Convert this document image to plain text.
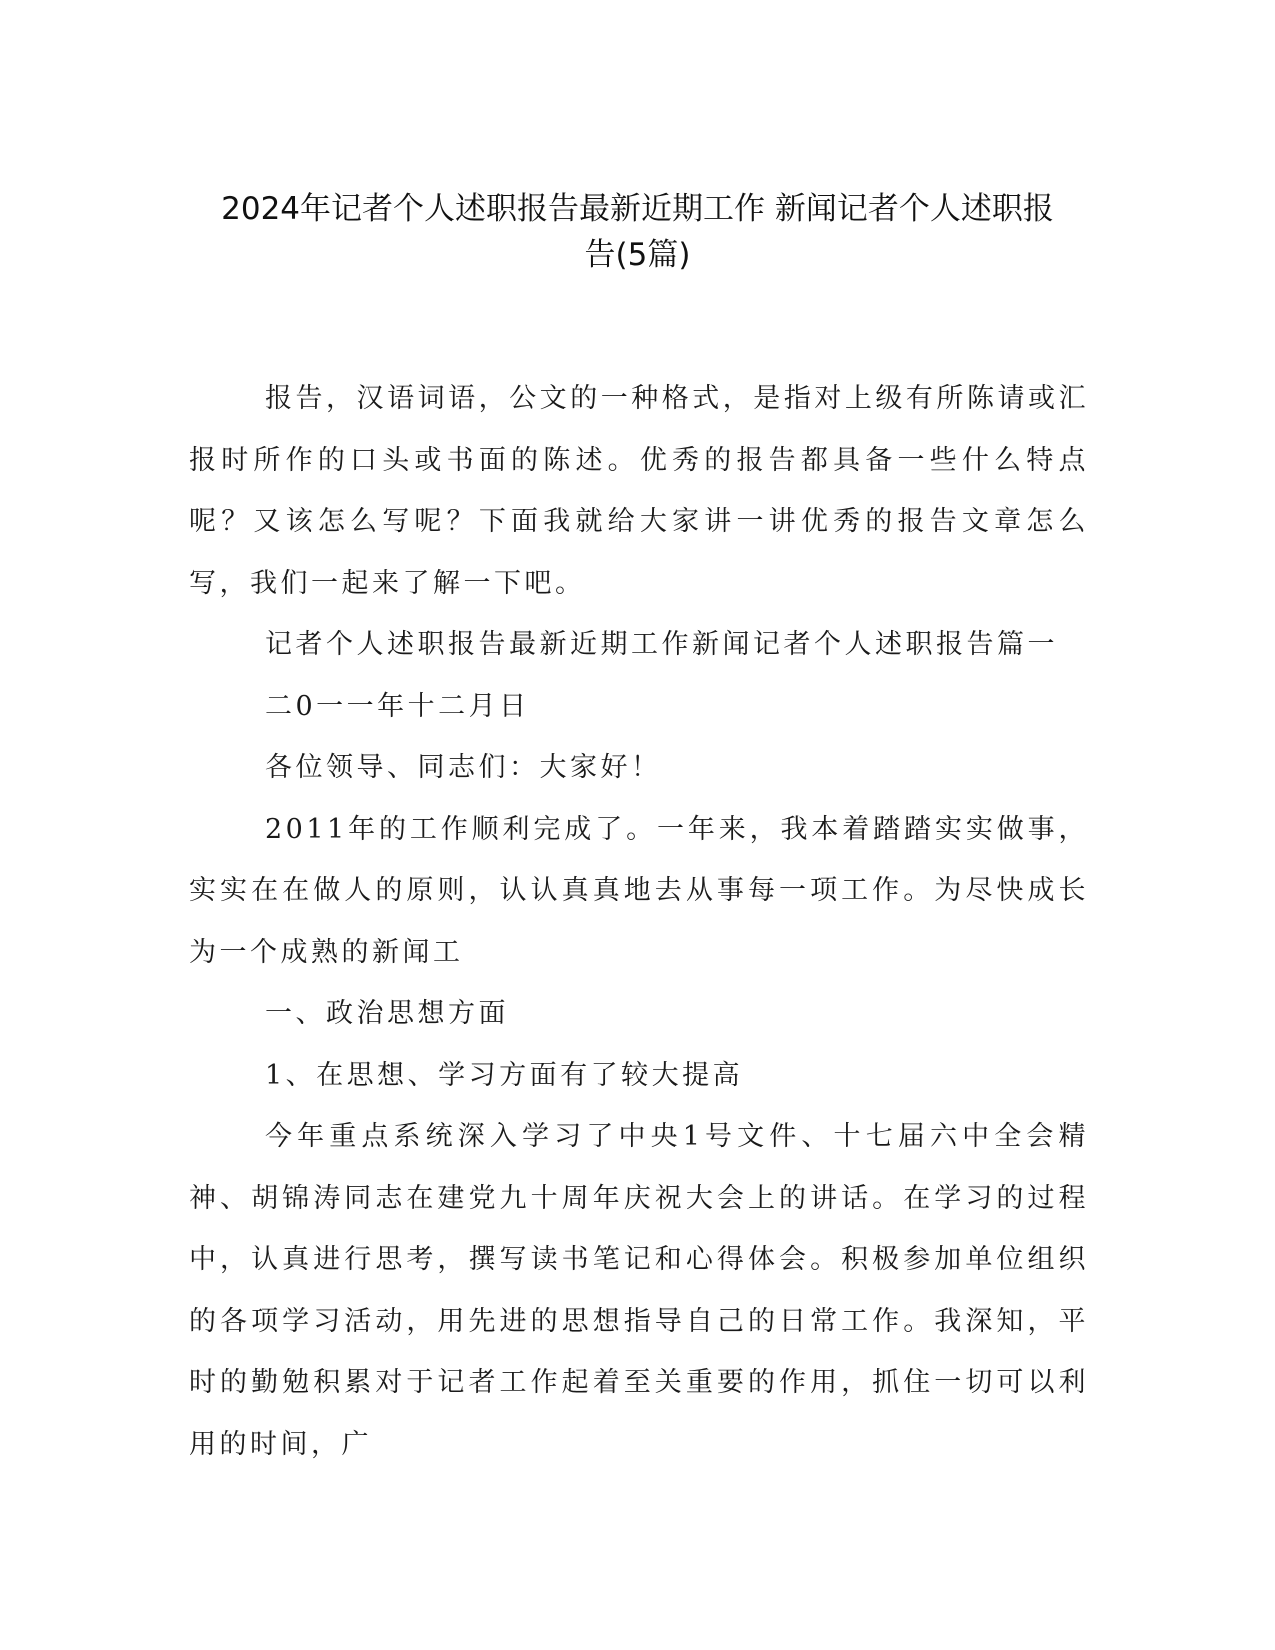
2024年记者个人述职报告最新近期工作 新闻记者个人述职报
告(5篇)

报告，汉语词语，公文的一种格式，是指对上级有所陈请或汇报时所作的口头或书面的陈述。优秀的报告都具备一些什么特点呢？又该怎么写呢？下面我就给大家讲一讲优秀的报告文章怎么写，我们一起来了解一下吧。

记者个人述职报告最新近期工作新闻记者个人述职报告篇一

二0一一年十二月日

各位领导、同志们：大家好！

2011年的工作顺利完成了。一年来，我本着踏踏实实做事，实实在在做人的原则，认认真真地去从事每一项工作。为尽快成长为一个成熟的新闻工

一、政治思想方面

1、在思想、学习方面有了较大提高

今年重点系统深入学习了中央1号文件、十七届六中全会精神、胡锦涛同志在建党九十周年庆祝大会上的讲话。在学习的过程中，认真进行思考，撰写读书笔记和心得体会。积极参加单位组织的各项学习活动，用先进的思想指导自己的日常工作。我深知，平时的勤勉积累对于记者工作起着至关重要的作用，抓住一切可以利用的时间，广
